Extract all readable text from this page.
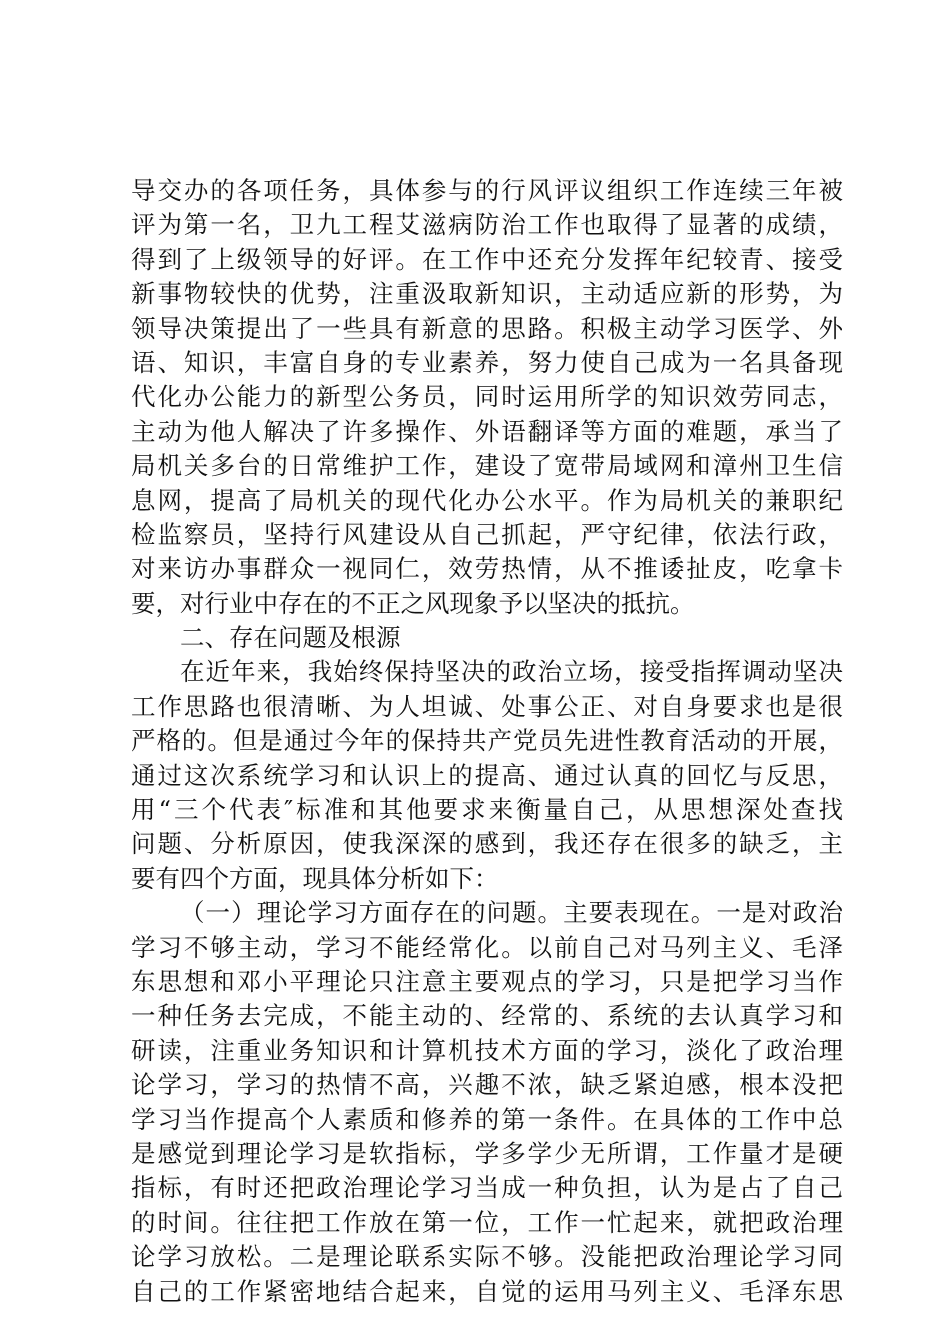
导交办的各项任务，具体参与的行风评议组织工作连续三年被
评为第一名，卫九工程艾滋病防治工作也取得了显著的成绩，
得到了上级领导的好评。在工作中还充分发挥年纪较青、接受
新事物较快的优势，注重汲取新知识，主动适应新的形势，为
领导决策提出了一些具有新意的思路。积极主动学习医学、外
语、知识，丰富自身的专业素养，努力使自己成为一名具备现
代化办公能力的新型公务员，同时运用所学的知识效劳同志，
主动为他人解决了许多操作、外语翻译等方面的难题，承当了
局机关多台的日常维护工作，建设了宽带局域网和漳州卫生信
息网，提高了局机关的现代化办公水平。作为局机关的兼职纪
检监察员，坚持行风建设从自己抓起，严守纪律，依法行政，
对来访办事群众一视同仁，效劳热情，从不推诿扯皮，吃拿卡
要，对行业中存在的不正之风现象予以坚决的抵抗。
二、存在问题及根源
在近年来，我始终保持坚决的政治立场，接受指挥调动坚决
工作思路也很清晰、为人坦诚、处事公正、对自身要求也是很
严格的。但是通过今年的保持共产党员先进性教育活动的开展，
通过这次系统学习和认识上的提高、通过认真的回忆与反思，
用“三个代表″标准和其他要求来衡量自己，从思想深处查找
问题、分析原因，使我深深的感到，我还存在很多的缺乏，主
要有四个方面，现具体分析如下：
（一）理论学习方面存在的问题。主要表现在。一是对政治
学习不够主动，学习不能经常化。以前自己对马列主义、毛泽
东思想和邓小平理论只注意主要观点的学习，只是把学习当作
一种任务去完成，不能主动的、经常的、系统的去认真学习和
研读，注重业务知识和计算机技术方面的学习，淡化了政治理
论学习，学习的热情不高，兴趣不浓，缺乏紧迫感，根本没把
学习当作提高个人素质和修养的第一条件。在具体的工作中总
是感觉到理论学习是软指标，学多学少无所谓，工作量才是硬
指标，有时还把政治理论学习当成一种负担，认为是占了自己
的时间。往往把工作放在第一位，工作一忙起来，就把政治理
论学习放松。二是理论联系实际不够。没能把政治理论学习同
自己的工作紧密地结合起来，自觉的运用马列主义、毛泽东思
